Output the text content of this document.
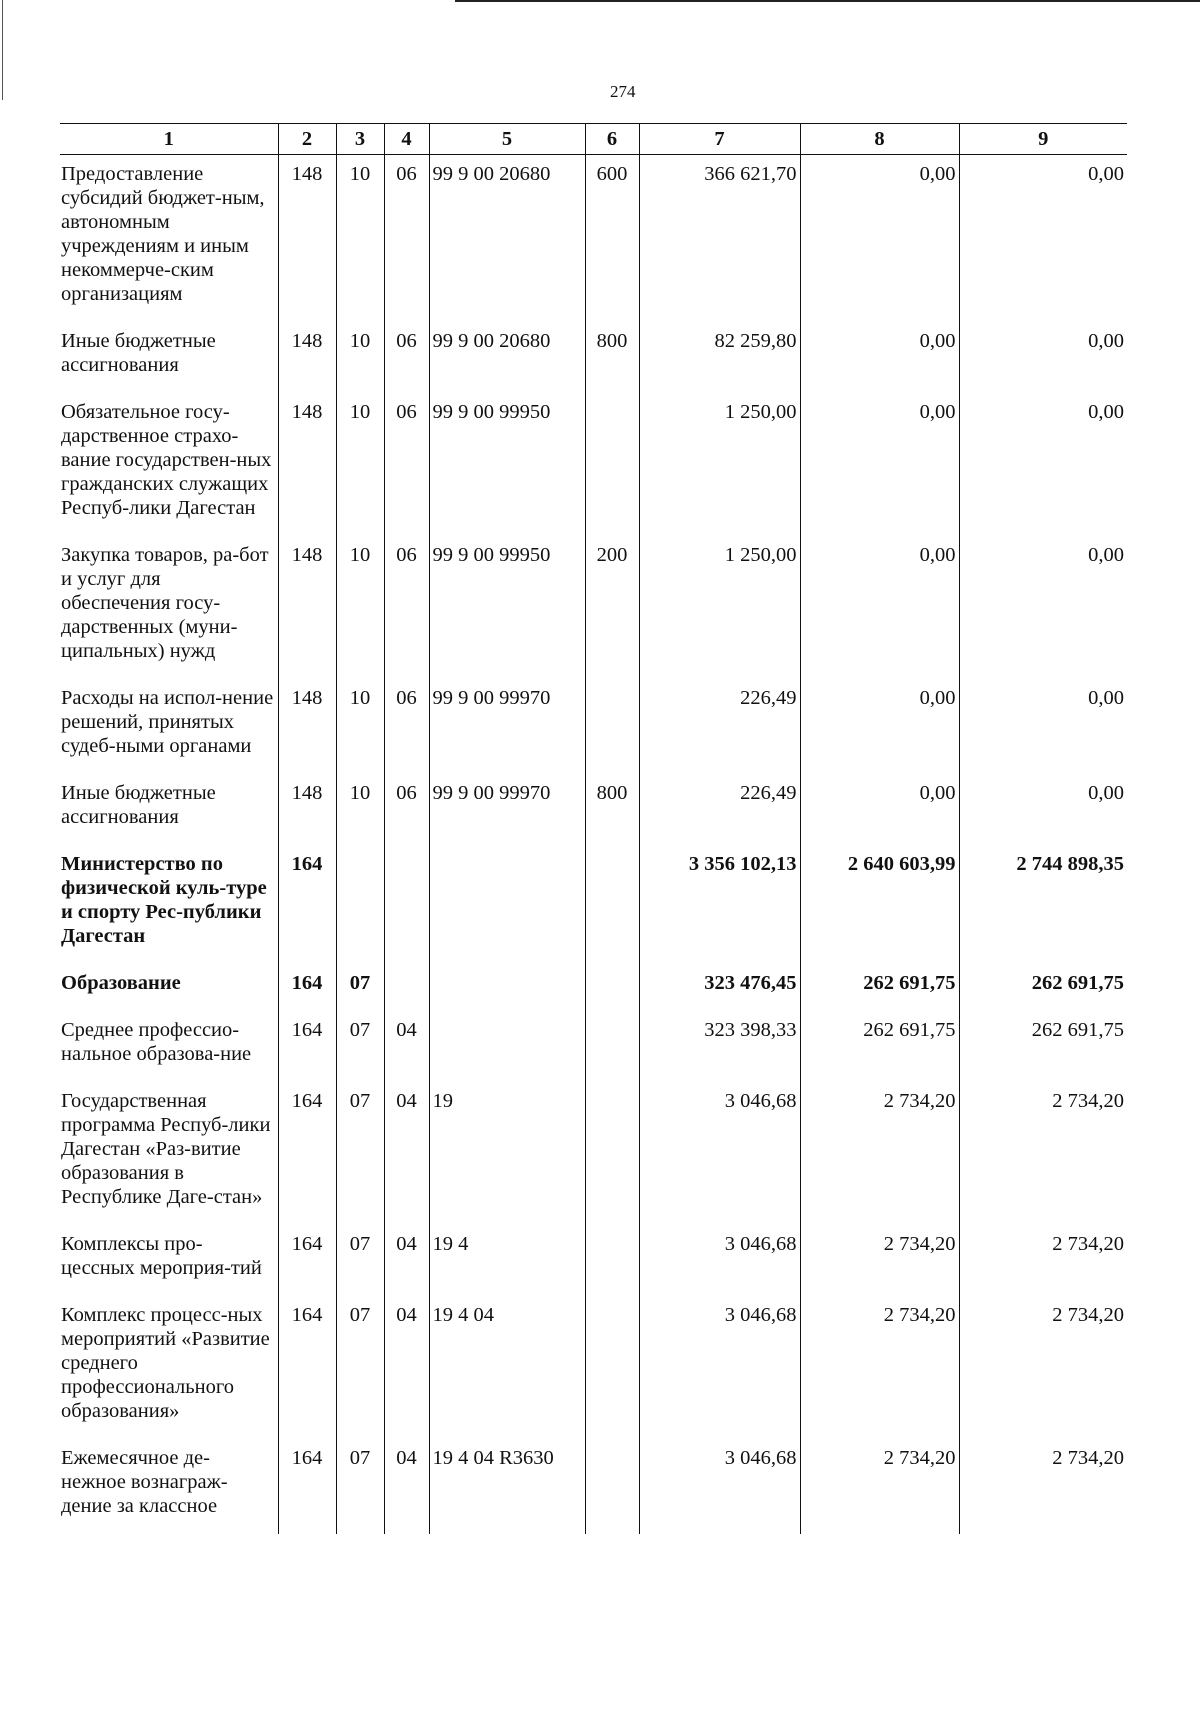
274
1	2	3	4	5	6	7	8	9
Предоставление субсидий бюджет-ным, автономным учреждениям и иным некоммерче-ским организациям	148	10	06	99 9 00 20680	600	366 621,70	0,00	0,00
Иные бюджетные ассигнования	148	10	06	99 9 00 20680	800	82 259,80	0,00	0,00
Обязательное госу-дарственное страхо-вание государствен-ных гражданских служащих Респуб-лики Дагестан	148	10	06	99 9 00 99950		1 250,00	0,00	0,00
Закупка товаров, ра-бот и услуг для обеспечения госу-дарственных (муни-ципальных) нужд	148	10	06	99 9 00 99950	200	1 250,00	0,00	0,00
Расходы на испол-нение решений, принятых судеб-ными органами	148	10	06	99 9 00 99970		226,49	0,00	0,00
Иные бюджетные ассигнования	148	10	06	99 9 00 99970	800	226,49	0,00	0,00
Министерство по физической куль-туре и спорту Рес-публики Дагестан	164					3 356 102,13	2 640 603,99	2 744 898,35
Образование	164	07				323 476,45	262 691,75	262 691,75
Среднее профессио-нальное образова-ние	164	07	04			323 398,33	262 691,75	262 691,75
Государственная программа Респуб-лики Дагестан «Раз-витие образования в Республике Даге-стан»	164	07	04	19		3 046,68	2 734,20	2 734,20
Комплексы про-цессных мероприя-тий	164	07	04	19 4		3 046,68	2 734,20	2 734,20
Комплекс процесс-ных мероприятий «Развитие среднего профессионального образования»	164	07	04	19 4 04		3 046,68	2 734,20	2 734,20
Ежемесячное де-нежное вознаграж-дение за классное	164	07	04	19 4 04 R3630		3 046,68	2 734,20	2 734,20
